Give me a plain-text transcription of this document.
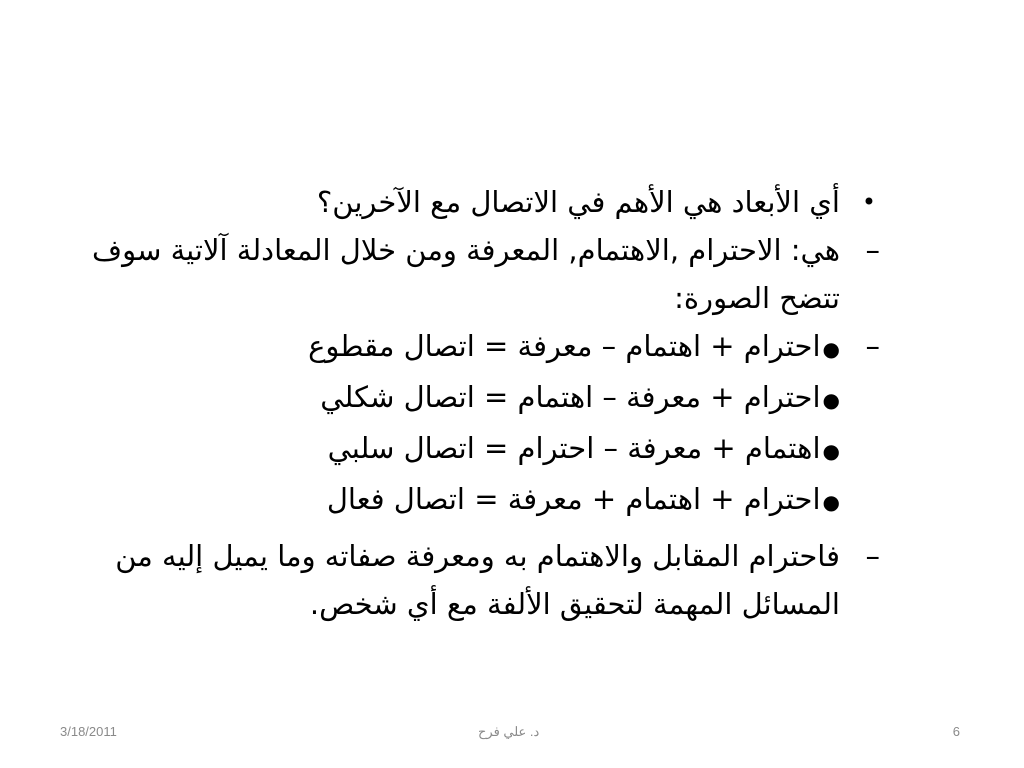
•
أي الأبعاد هي الأهم في الاتصال مع الآخرين؟
–
هي: الاحترام ,الاهتمام, المعرفة ومن خلال المعادلة آلاتية سوف تتضح الصورة:
–
●احترام + اهتمام – معرفة = اتصال مقطوع
●احترام + معرفة – اهتمام = اتصال شكلي
●اهتمام + معرفة – احترام = اتصال سلبي
●احترام + اهتمام + معرفة = اتصال فعال
–
فاحترام المقابل والاهتمام به ومعرفة صفاته وما يميل إليه من المسائل المهمة لتحقيق الألفة مع أي شخص.
3/18/2011	د. علي فرح	6
